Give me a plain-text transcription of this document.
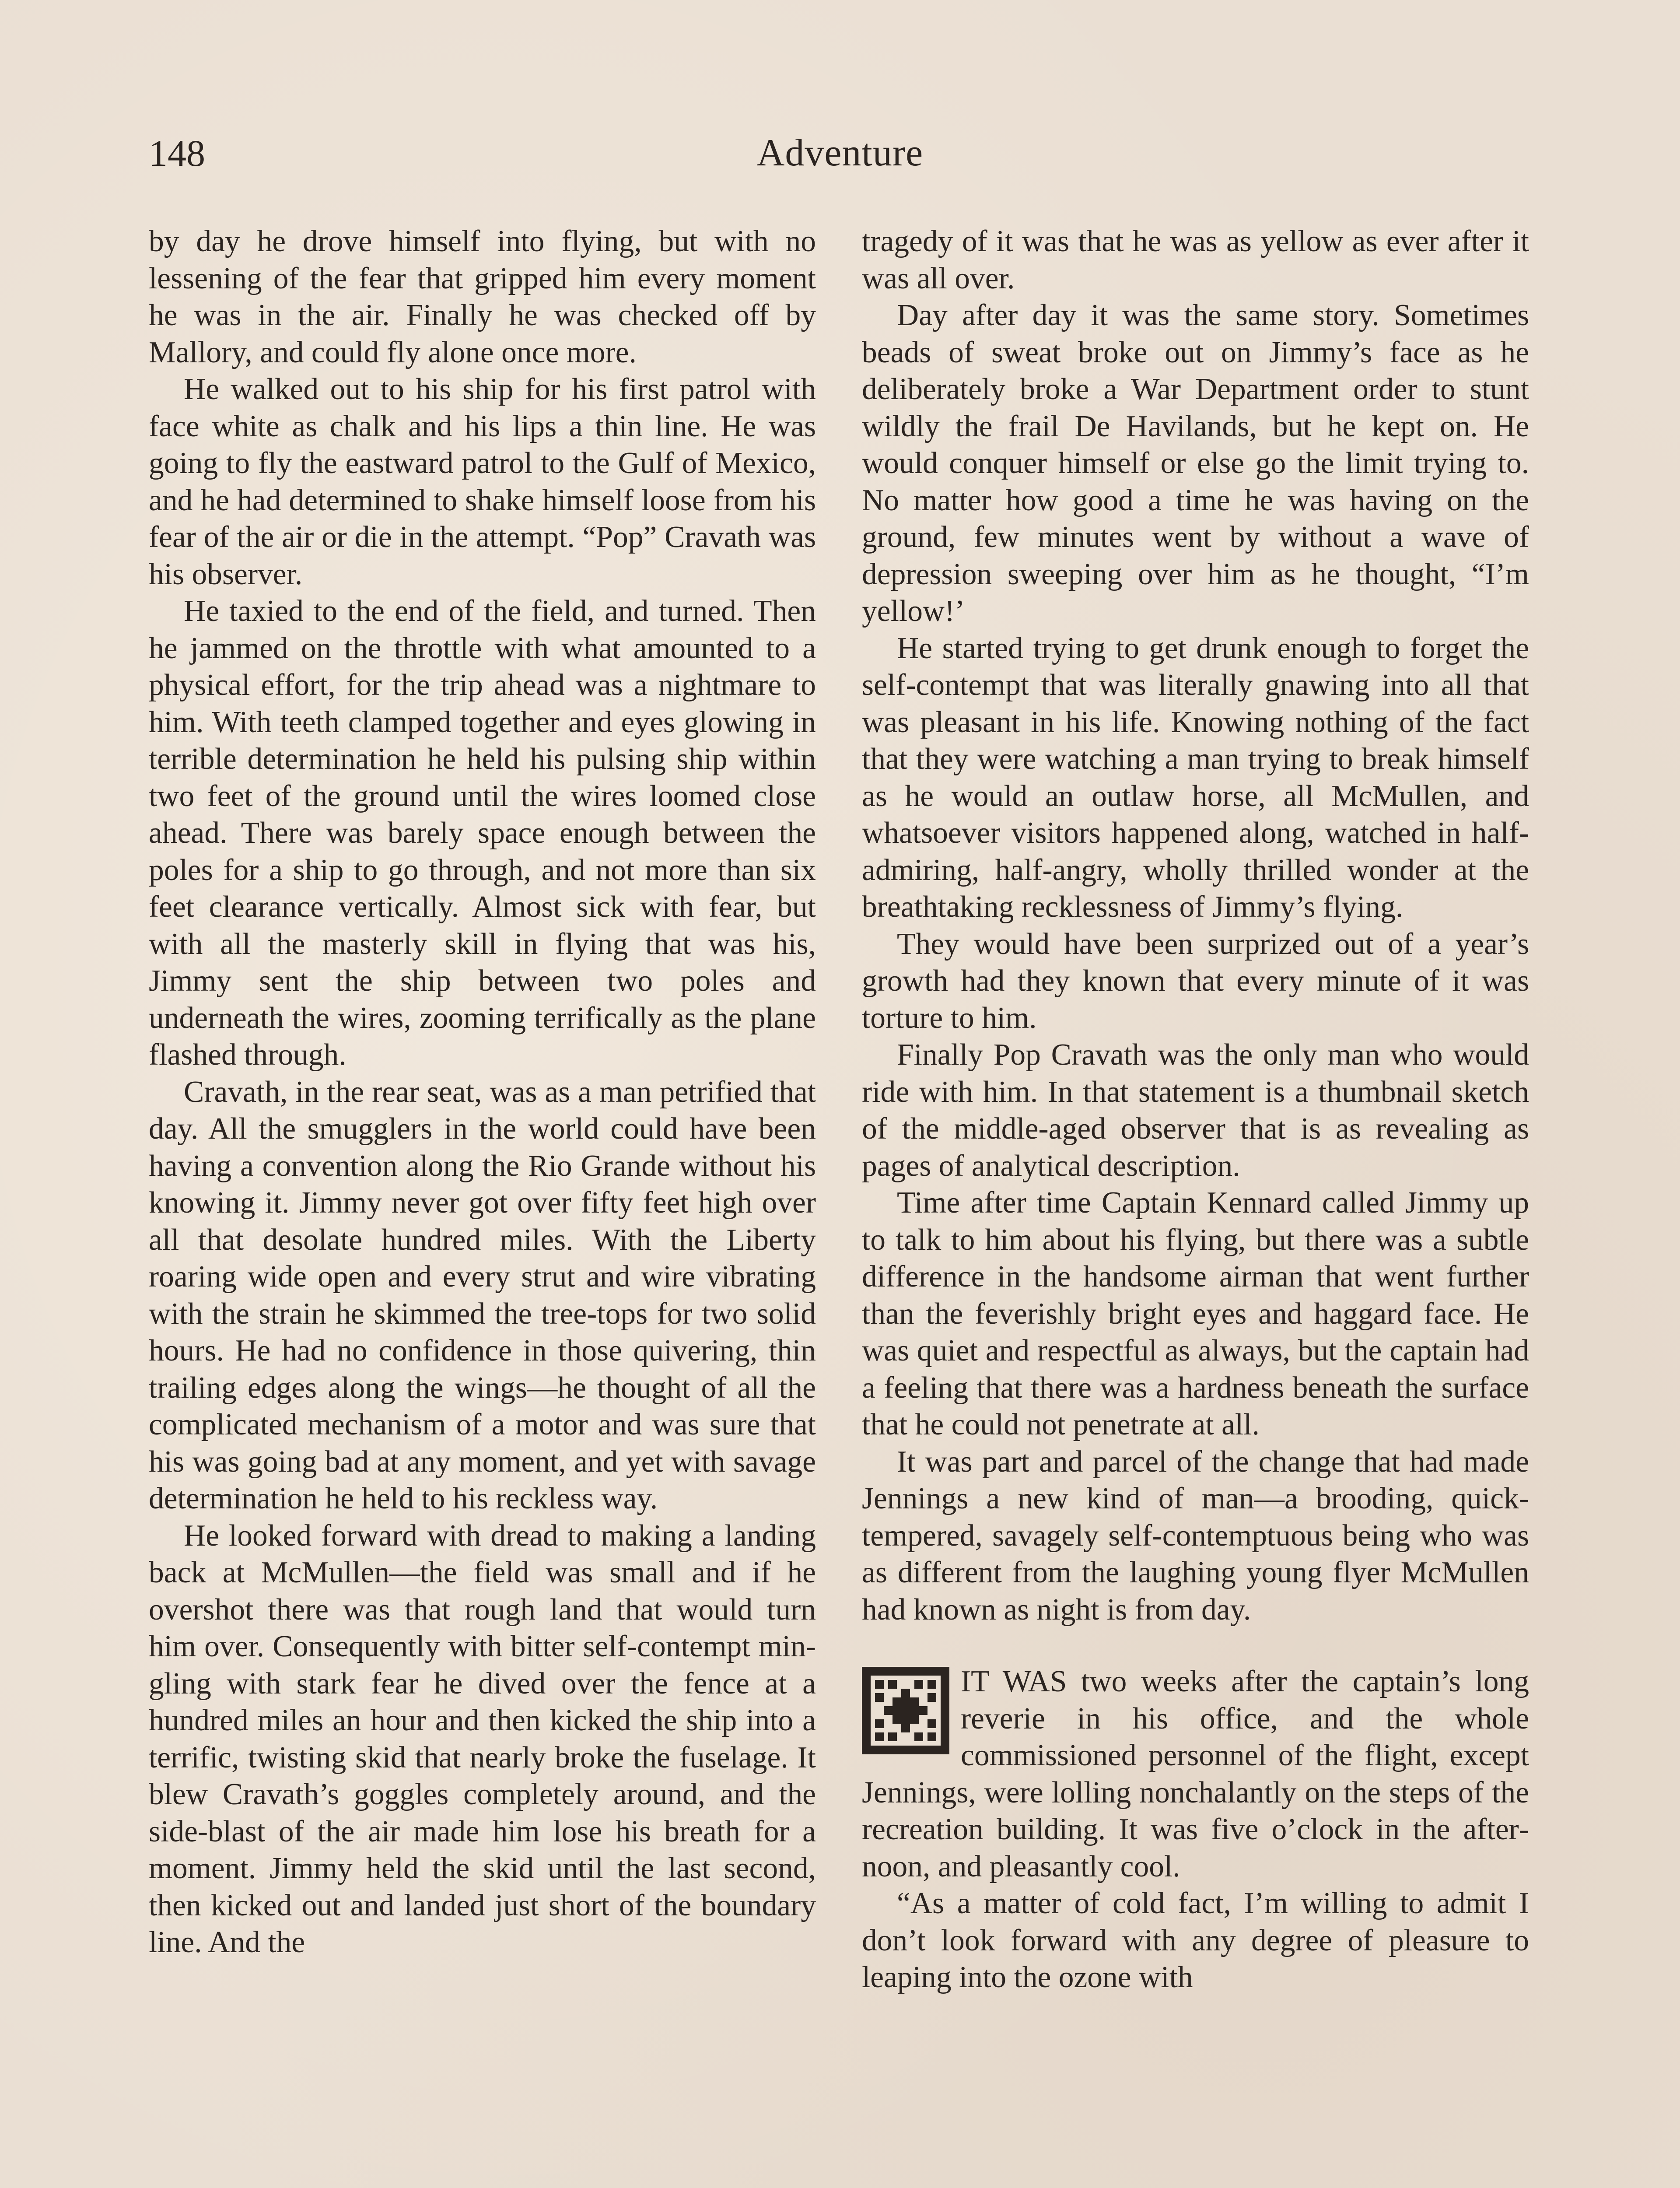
148	Adventure

by day he drove himself into flying, but with no lessening of the fear that gripped him every moment he was in the air. Finally he was checked off by Mallory, and could fly alone once more.

He walked out to his ship for his first patrol with face white as chalk and his lips a thin line. He was going to fly the eastward patrol to the Gulf of Mexico, and he had determined to shake himself loose from his fear of the air or die in the attempt. “Pop” Cravath was his observer.

He taxied to the end of the field, and turned. Then he jammed on the throttle with what amounted to a physical effort, for the trip ahead was a nightmare to him. With teeth clamped together and eyes glowing in terrible determination he held his pulsing ship within two feet of the ground until the wires loomed close ahead. There was barely space enough between the poles for a ship to go through, and not more than six feet clearance vertically. Almost sick with fear, but with all the masterly skill in flying that was his, Jimmy sent the ship between two poles and underneath the wires, zooming terrifically as the plane flashed through.

Cravath, in the rear seat, was as a man petrified that day. All the smugglers in the world could have been having a convention along the Rio Grande without his knowing it. Jimmy never got over fifty feet high over all that desolate hundred miles. With the Liberty roaring wide open and every strut and wire vibrating with the strain he skimmed the tree-tops for two solid hours. He had no confidence in those quivering, thin trailing edges along the wings—he thought of all the complicated mechanism of a motor and was sure that his was going bad at any moment, and yet with savage determination he held to his reckless way.

He looked forward with dread to making a landing back at McMullen—the field was small and if he overshot there was that rough land that would turn him over. Consequently with bitter self-contempt mingling with stark fear he dived over the fence at a hundred miles an hour and then kicked the ship into a terrific, twisting skid that nearly broke the fuselage. It blew Cravath’s goggles completely around, and the side-blast of the air made him lose his breath for a moment. Jimmy held the skid until the last second, then kicked out and landed just short of the boundary line. And the

tragedy of it was that he was as yellow as ever after it was all over.

Day after day it was the same story. Sometimes beads of sweat broke out on Jimmy’s face as he deliberately broke a War Department order to stunt wildly the frail De Havilands, but he kept on. He would conquer himself or else go the limit trying to. No matter how good a time he was having on the ground, few minutes went by without a wave of depression sweeping over him as he thought, “I’m yellow!’

He started trying to get drunk enough to forget the self-contempt that was literally gnawing into all that was pleasant in his life. Knowing nothing of the fact that they were watching a man trying to break himself as he would an outlaw horse, all McMullen, and whatsoever visitors happened along, watched in half-admiring, half-angry, wholly thrilled wonder at the breathtaking recklessness of Jimmy’s flying.

They would have been surprized out of a year’s growth had they known that every minute of it was torture to him.

Finally Pop Cravath was the only man who would ride with him. In that statement is a thumbnail sketch of the middle-aged observer that is as revealing as pages of analytical description.

Time after time Captain Kennard called Jimmy up to talk to him about his flying, but there was a subtle difference in the handsome airman that went further than the feverishly bright eyes and haggard face. He was quiet and respectful as always, but the captain had a feeling that there was a hardness beneath the surface that he could not penetrate at all.

It was part and parcel of the change that had made Jennings a new kind of man—a brooding, quick-tempered, savagely self-contemptuous being who was as different from the laughing young flyer McMullen had known as night is from day.

IT WAS two weeks after the captain’s long reverie in his office, and the whole commissioned personnel of the flight, except Jennings, were lolling nonchalantly on the steps of the recreation building. It was five o’clock in the afternoon, and pleasantly cool.

“As a matter of cold fact, I’m willing to admit I don’t look forward with any degree of pleasure to leaping into the ozone with
